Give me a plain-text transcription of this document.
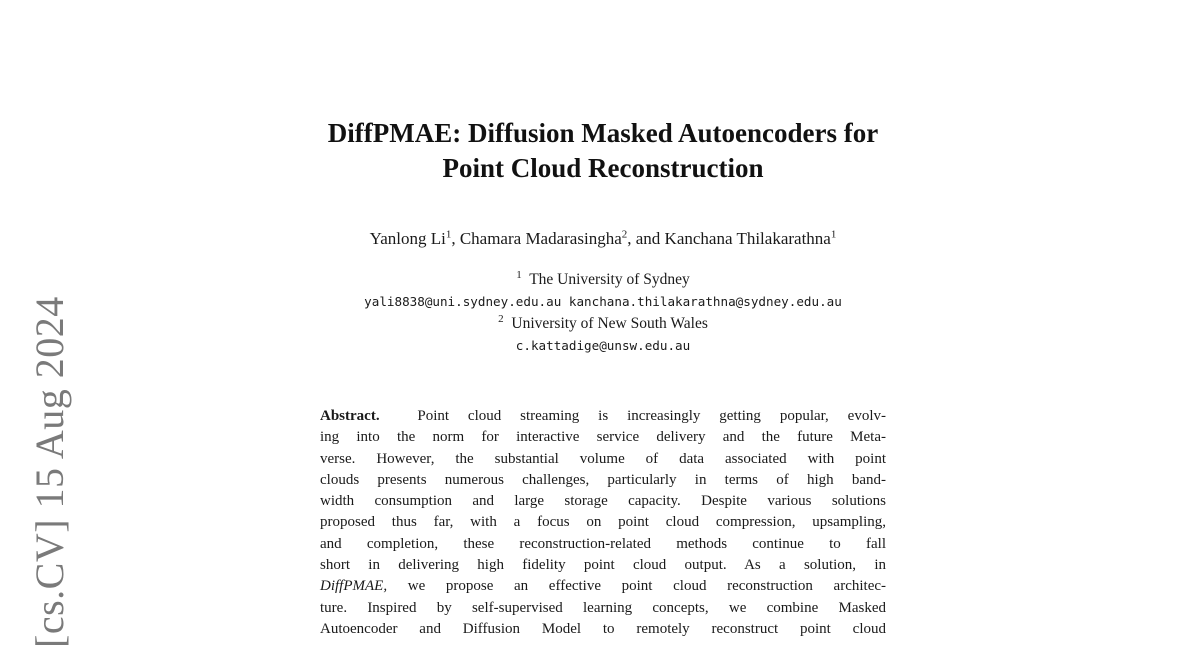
[cs.CV] 15 Aug 2024
DiffPMAE: Diffusion Masked Autoencoders for
Point Cloud Reconstruction
Yanlong Li$^1$, Chamara Madarasingha$^2$, and Kanchana Thilakarathna$^1$
$^1$ The University of Sydney
yali8838@uni.sydney.edu.au kanchana.thilakarathna@sydney.edu.au
$^2$ University of New South Wales
c.kattadige@unsw.edu.au
Abstract.	Point cloud streaming is increasingly getting popular, evolv-
ing into the norm for interactive service delivery and the future Meta-
verse. However, the substantial volume of data associated with point
clouds presents numerous challenges, particularly in terms of high band-
width consumption and large storage capacity. Despite various solutions
proposed thus far, with a focus on point cloud compression, upsampling,
and completion, these reconstruction-related methods continue to fall
short in delivering high fidelity point cloud output. As a solution, in
DiffPMAE, we propose an effective point cloud reconstruction architec-
ture. Inspired by self-supervised learning concepts, we combine Masked
Autoencoder and Diffusion Model to remotely reconstruct point cloud
